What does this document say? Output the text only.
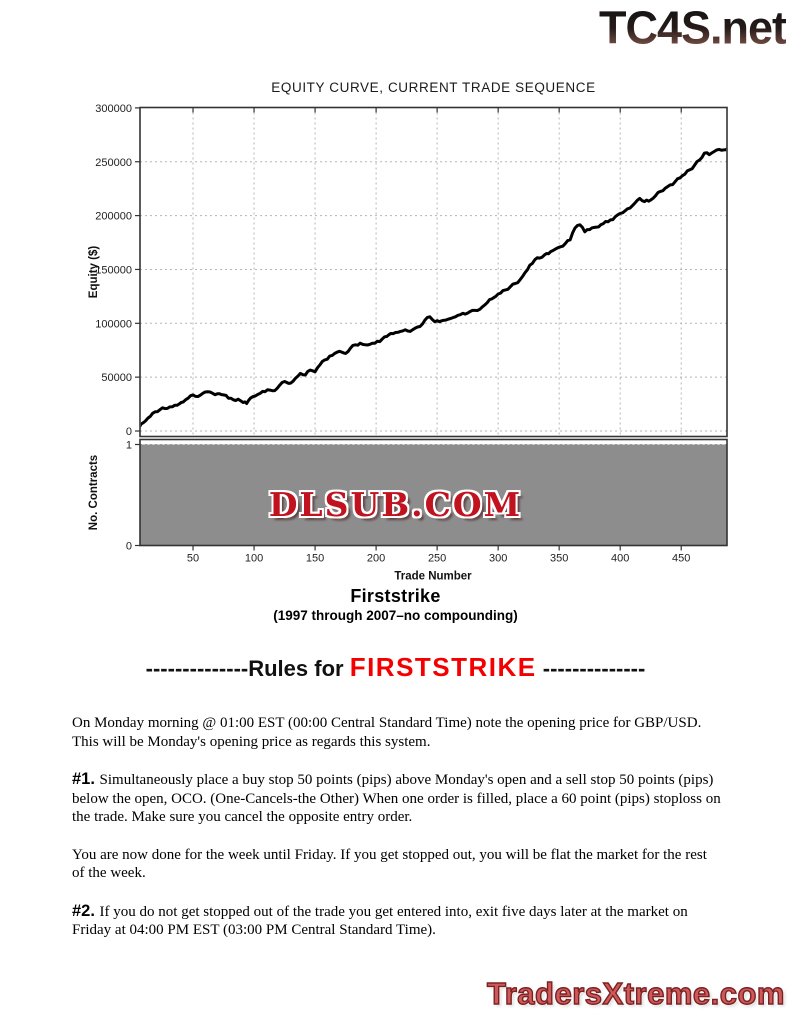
TC4S.net
EQUITY CURVE, CURRENT TRADE SEQUENCE
0
50000
100000
150000
200000
250000
300000
0
1
50	100	150	200	250	300	350	400	450
Trade Number
Equity ($)
No. Contracts	DLSUB.COM
Firststrike
(1997 through 2007–no compounding)
--------------Rules for FIRSTSTRIKE --------------

On Monday morning @ 01:00 EST (00:00 Central Standard Time) note the opening price for GBP/USD. This will be Monday's opening price as regards this system.

#1. Simultaneously place a buy stop 50 points (pips) above Monday's open and a sell stop 50 points (pips) below the open, OCO. (One-Cancels-the Other) When one order is filled, place a 60 point (pips) stoploss on the trade. Make sure you cancel the opposite entry order.

You are now done for the week until Friday. If you get stopped out, you will be flat the market for the rest of the week.

#2. If you do not get stopped out of the trade you get entered into, exit five days later at the market on Friday at 04:00 PM EST (03:00 PM Central Standard Time).

TradersXtreme.com
